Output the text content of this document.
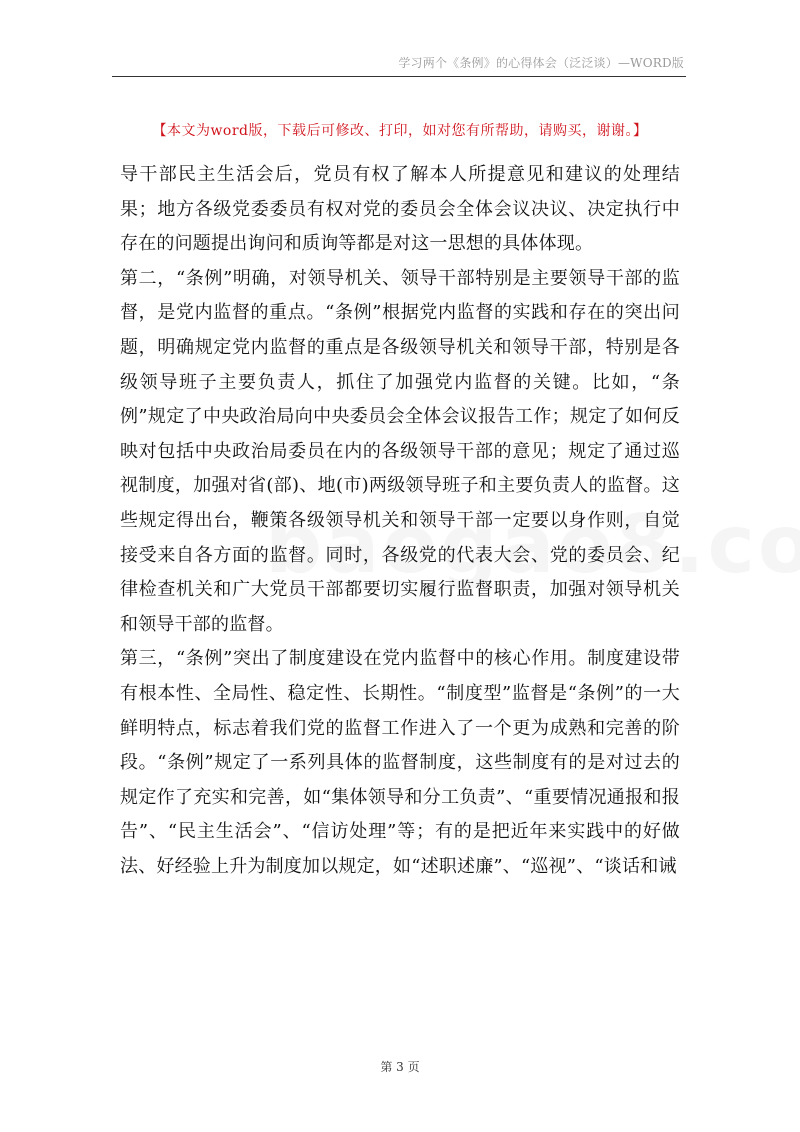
学习两个《条例》的心得体会（泛泛谈）—WORD版
【本文为word版，下载后可修改、打印，如对您有所帮助，请购买，谢谢。】

导干部民主生活会后，党员有权了解本人所提意见和建议的处理结果；地方各级党委委员有权对党的委员会全体会议决议、决定执行中存在的问题提出询问和质询等都是对这一思想的具体体现。

第二，“条例”明确，对领导机关、领导干部特别是主要领导干部的监督，是党内监督的重点。“条例”根据党内监督的实践和存在的突出问题，明确规定党内监督的重点是各级领导机关和领导干部，特别是各级领导班子主要负责人，抓住了加强党内监督的关键。比如，“条例”规定了中央政治局向中央委员会全体会议报告工作；规定了如何反映对包括中央政治局委员在内的各级领导干部的意见；规定了通过巡视制度，加强对省(部)、地(市)两级领导班子和主要负责人的监督。这些规定得出台，鞭策各级领导机关和领导干部一定要以身作则，自觉接受来自各方面的监督。同时，各级党的代表大会、党的委员会、纪律检查机关和广大党员干部都要切实履行监督职责，加强对领导机关和领导干部的监督。

第三，“条例”突出了制度建设在党内监督中的核心作用。制度建设带有根本性、全局性、稳定性、长期性。“制度型”监督是“条例”的一大鲜明特点，标志着我们党的监督工作进入了一个更为成熟和完善的阶段。“条例”规定了一系列具体的监督制度，这些制度有的是对过去的规定作了充实和完善，如“集体领导和分工负责”、“重要情况通报和报告”、“民主生活会”、“信访处理”等；有的是把近年来实践中的好做法、好经验上升为制度加以规定，如“述职述廉”、“巡视”、“谈话和诫

第 3 页
